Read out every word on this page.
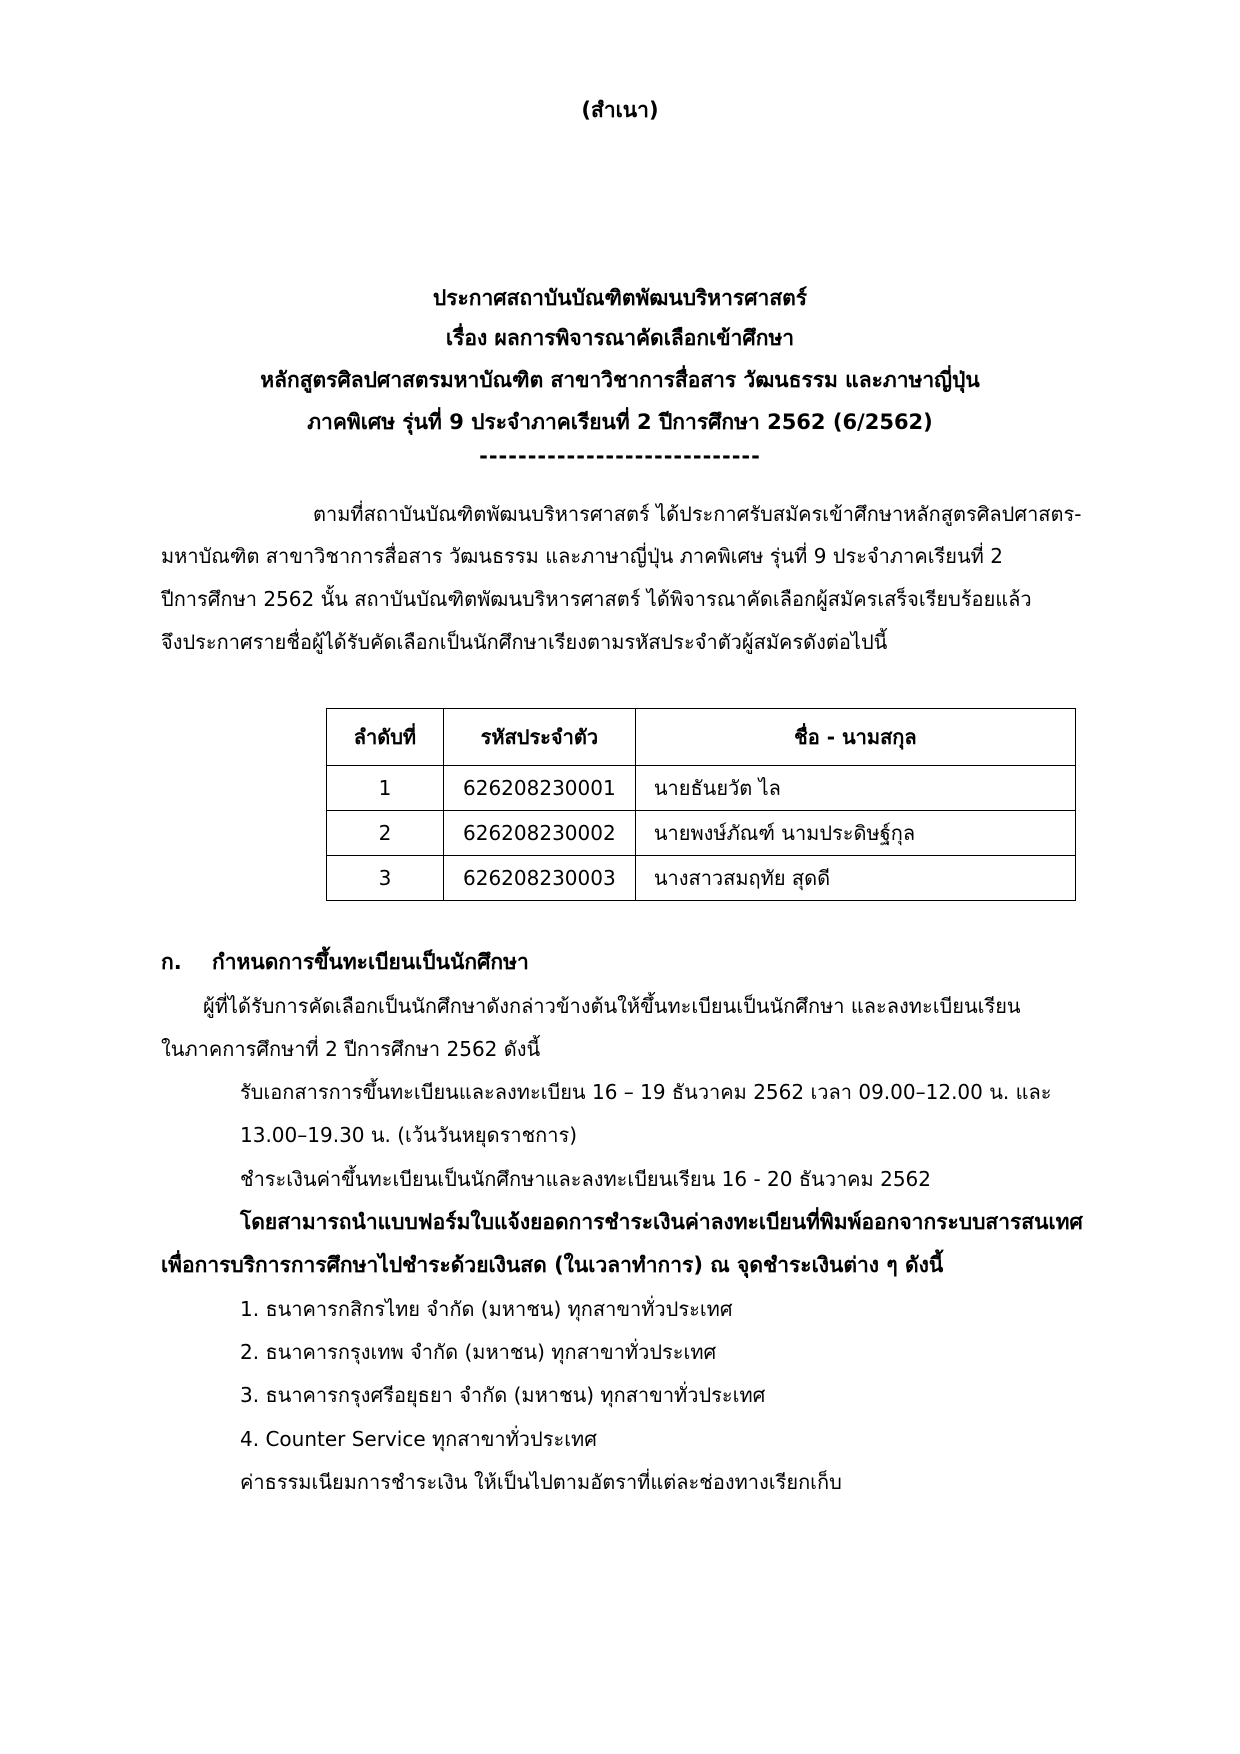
(สำเนา)
ประกาศสถาบันบัณฑิตพัฒนบริหารศาสตร์
เรื่อง ผลการพิจารณาคัดเลือกเข้าศึกษา
หลักสูตรศิลปศาสตรมหาบัณฑิต สาขาวิชาการสื่อสาร วัฒนธรรม และภาษาญี่ปุ่น
ภาคพิเศษ รุ่นที่ 9 ประจำภาคเรียนที่ 2 ปีการศึกษา 2562 (6/2562)
-----------------------------
ตามที่สถาบันบัณฑิตพัฒนบริหารศาสตร์ ได้ประกาศรับสมัครเข้าศึกษาหลักสูตรศิลปศาสตร-
มหาบัณฑิต สาขาวิชาการสื่อสาร วัฒนธรรม และภาษาญี่ปุ่น ภาคพิเศษ รุ่นที่ 9 ประจำภาคเรียนที่ 2
ปีการศึกษา 2562 นั้น สถาบันบัณฑิตพัฒนบริหารศาสตร์ ได้พิจารณาคัดเลือกผู้สมัครเสร็จเรียบร้อยแล้ว
จึงประกาศรายชื่อผู้ได้รับคัดเลือกเป็นนักศึกษาเรียงตามรหัสประจำตัวผู้สมัครดังต่อไปนี้
ลำดับที่	รหัสประจำตัว	ชื่อ - นามสกุล
1	626208230001	นายธันยวัต ไล
2	626208230002	นายพงษ์ภัณฑ์ นามประดิษฐ์กุล
3	626208230003	นางสาวสมฤทัย สุดดี
ก. กำหนดการขึ้นทะเบียนเป็นนักศึกษา
ผู้ที่ได้รับการคัดเลือกเป็นนักศึกษาดังกล่าวข้างต้นให้ขึ้นทะเบียนเป็นนักศึกษา และลงทะเบียนเรียน
ในภาคการศึกษาที่ 2 ปีการศึกษา 2562 ดังนี้
รับเอกสารการขึ้นทะเบียนและลงทะเบียน 16 – 19 ธันวาคม 2562 เวลา 09.00–12.00 น. และ
13.00–19.30 น. (เว้นวันหยุดราชการ)
ชำระเงินค่าขึ้นทะเบียนเป็นนักศึกษาและลงทะเบียนเรียน 16 - 20 ธันวาคม 2562
โดยสามารถนำแบบฟอร์มใบแจ้งยอดการชำระเงินค่าลงทะเบียนที่พิมพ์ออกจากระบบสารสนเทศ
เพื่อการบริการการศึกษาไปชำระด้วยเงินสด (ในเวลาทำการ) ณ จุดชำระเงินต่าง ๆ ดังนี้
1. ธนาคารกสิกรไทย จำกัด (มหาชน) ทุกสาขาทั่วประเทศ
2. ธนาคารกรุงเทพ จำกัด (มหาชน) ทุกสาขาทั่วประเทศ
3. ธนาคารกรุงศรีอยุธยา จำกัด (มหาชน) ทุกสาขาทั่วประเทศ
4. Counter Service ทุกสาขาทั่วประเทศ
ค่าธรรมเนียมการชำระเงิน ให้เป็นไปตามอัตราที่แต่ละช่องทางเรียกเก็บ
